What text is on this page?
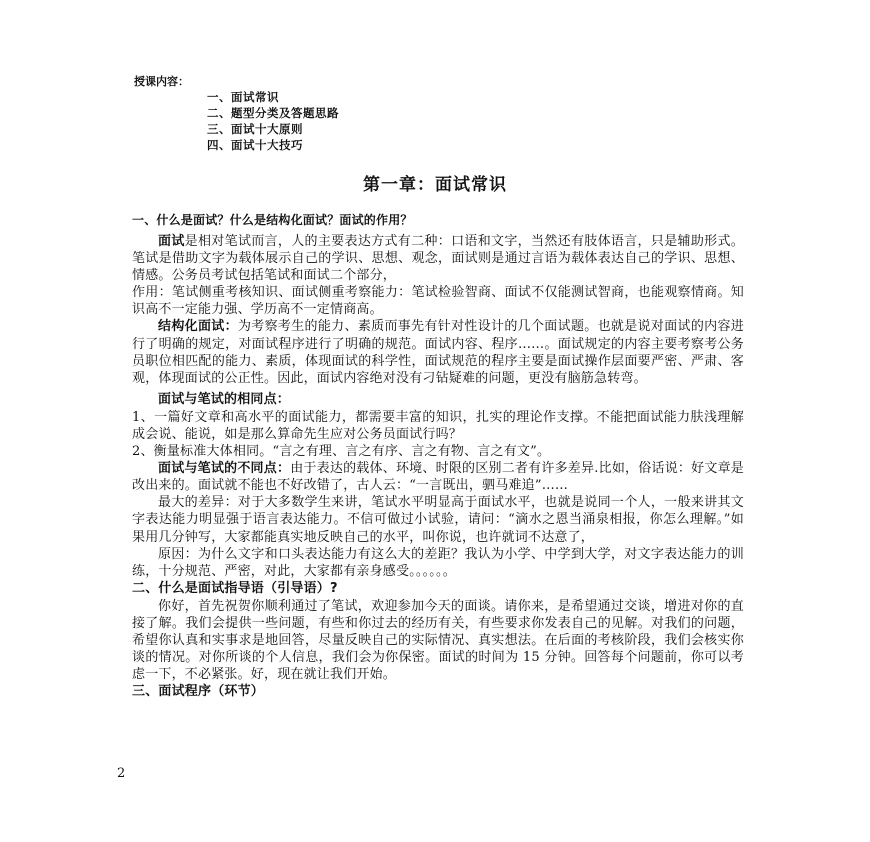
授课内容：
一、面试常识
二、题型分类及答题思路
三、面试十大原则
四、面试十大技巧
第一章：面试常识

一、什么是面试？什么是结构化面试？面试的作用？

面试是相对笔试而言，人的主要表达方式有二种：口语和文字，当然还有肢体语言，只是辅助形式。笔试是借助文字为载体展示自己的学识、思想、观念，面试则是通过言语为载体表达自己的学识、思想、情感。公务员考试包括笔试和面试二个部分，

作用：笔试侧重考核知识、面试侧重考察能力：笔试检验智商、面试不仅能测试智商，也能观察情商。知识高不一定能力强、学历高不一定情商高。

结构化面试：为考察考生的能力、素质而事先有针对性设计的几个面试题。也就是说对面试的内容进行了明确的规定，对面试程序进行了明确的规范。面试内容、程序……。面试规定的内容主要考察考公务员职位相匹配的能力、素质，体现面试的科学性，面试规范的程序主要是面试操作层面要严密、严肃、客观，体现面试的公正性。因此，面试内容绝对没有刁钻疑难的问题，更没有脑筋急转弯。

面试与笔试的相同点：

1、一篇好文章和高水平的面试能力，都需要丰富的知识，扎实的理论作支撑。不能把面试能力肤浅理解成会说、能说，如是那么算命先生应对公务员面试行吗？

2、衡量标准大体相同。“言之有理、言之有序、言之有物、言之有文”。

面试与笔试的不同点：由于表达的载体、环境、时限的区别二者有许多差异.比如，俗话说：好文章是改出来的。面试就不能也不好改错了，古人云：“一言既出，驷马难追”……

最大的差异：对于大多数学生来讲，笔试水平明显高于面试水平，也就是说同一个人，一般来讲其文字表达能力明显强于语言表达能力。不信可做过小试验，请问：“滴水之恩当涌泉相报，你怎么理解。”如果用几分钟写，大家都能真实地反映自己的水平，叫你说，也许就词不达意了，

原因：为什么文字和口头表达能力有这么大的差距？我认为小学、中学到大学，对文字表达能力的训练，十分规范、严密，对此，大家都有亲身感受。。。。。。

二、什么是面试指导语（引导语）?

你好，首先祝贺你顺利通过了笔试，欢迎参加今天的面谈。请你来，是希望通过交谈，增进对你的直接了解。我们会提供一些问题，有些和你过去的经历有关，有些要求你发表自己的见解。对我们的问题，希望你认真和实事求是地回答，尽量反映自己的实际情况、真实想法。在后面的考核阶段，我们会核实你谈的情况。对你所谈的个人信息，我们会为你保密。面试的时间为 15 分钟。回答每个问题前，你可以考虑一下，不必紧张。好，现在就让我们开始。

三、面试程序（环节）

2
